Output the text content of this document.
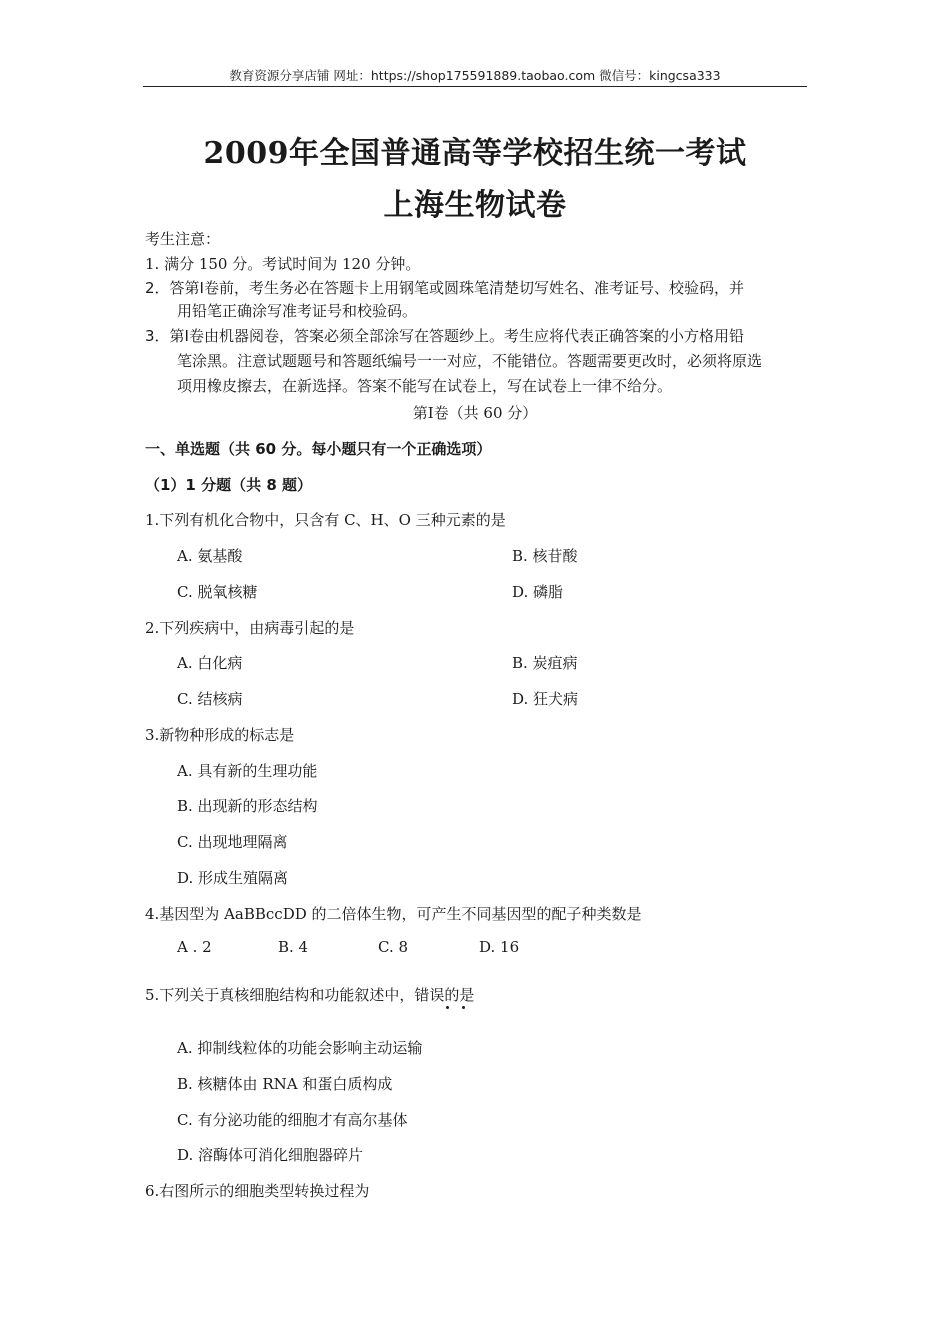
教育资源分享店铺 网址：https://shop175591889.taobao.com 微信号：kingcsa333
2009年全国普通高等学校招生统一考试
上海生物试卷
考生注意：
1. 满分 150 分。考试时间为 120 分钟。
2．答第Ⅰ卷前，考生务必在答题卡上用钢笔或圆珠笔清楚切写姓名、准考证号、校验码，并
用铅笔正确涂写准考证号和校验码。
3．第Ⅰ卷由机器阅卷，答案必须全部涂写在答题纱上。考生应将代表正确答案的小方格用铅
笔涂黑。注意试题题号和答题纸编号一一对应，不能错位。答题需要更改时，必须将原选
项用橡皮擦去，在新选择。答案不能写在试卷上，写在试卷上一律不给分。
第Ⅰ卷（共 60 分）
一、单选题（共 60 分。每小题只有一个正确选项）
（1）1 分题（共 8 题）
1.下列有机化合物中，只含有 C、H、O 三种元素的是
A. 氨基酸	B. 核苷酸
C. 脱氧核糖	D. 磷脂
2.下列疾病中，由病毒引起的是
A. 白化病	B. 炭疽病
C. 结核病	D. 狂犬病
3.新物种形成的标志是
A. 具有新的生理功能
B. 出现新的形态结构
C. 出现地理隔离
D. 形成生殖隔离
4.基因型为 AaBBccDD 的二倍体生物，可产生不同基因型的配子种类数是
A . 2	B. 4	C. 8	D. 16
5.下列关于真核细胞结构和功能叙述中，错误的是
A. 抑制线粒体的功能会影响主动运输
B. 核糖体由 RNA 和蛋白质构成
C. 有分泌功能的细胞才有高尔基体
D. 溶酶体可消化细胞器碎片
6.右图所示的细胞类型转换过程为
